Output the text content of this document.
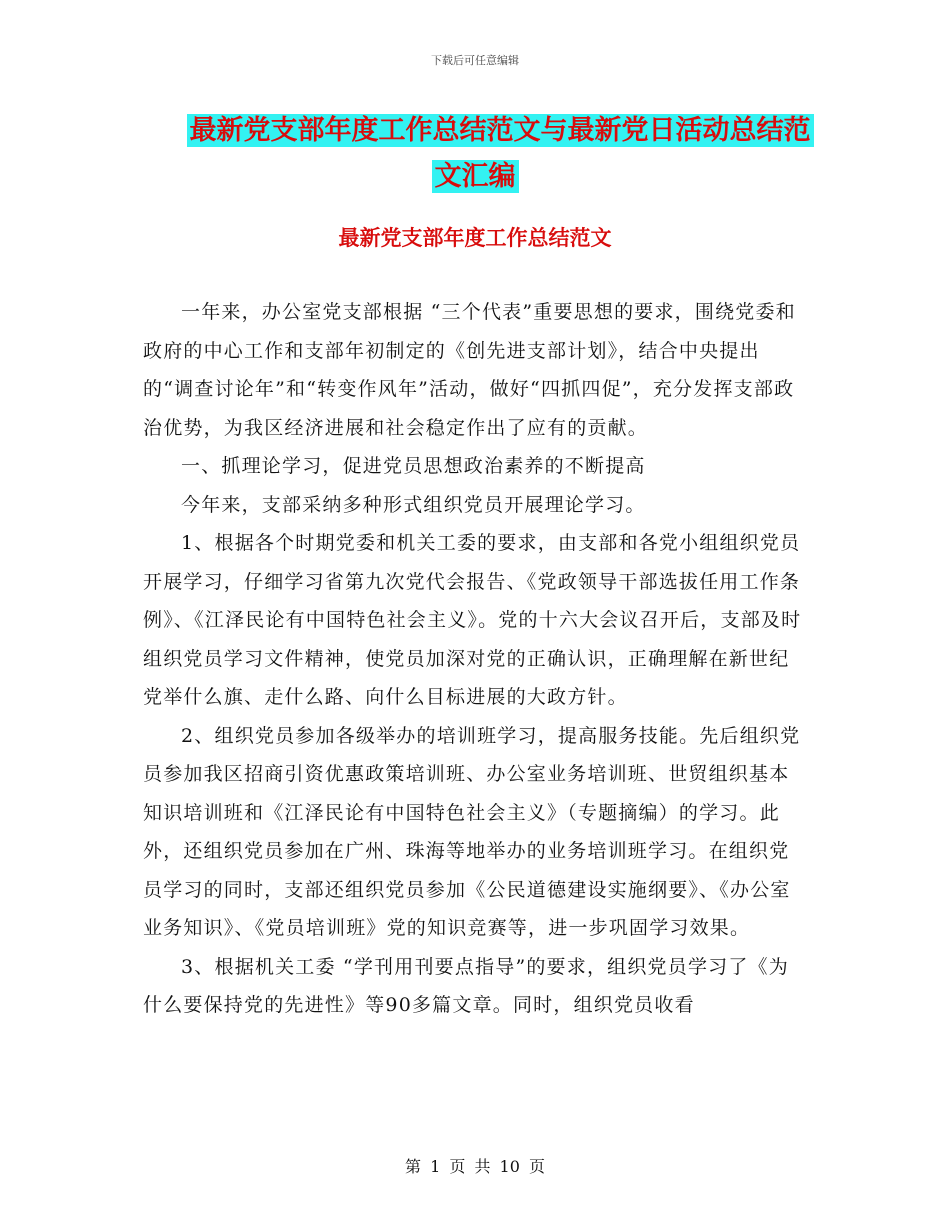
下载后可任意编辑
最新党支部年度工作总结范文与最新党日活动总结范
文汇编
最新党支部年度工作总结范文

一年来，办公室党支部根据 “三个代表”重要思想的要求，围绕党委和政府的中心工作和支部年初制定的《创先进支部计划》，结合中央提出的“调查讨论年”和“转变作风年”活动，做好“四抓四促”，充分发挥支部政治优势，为我区经济进展和社会稳定作出了应有的贡献。

一、抓理论学习，促进党员思想政治素养的不断提高

今年来，支部采纳多种形式组织党员开展理论学习。

1、根据各个时期党委和机关工委的要求，由支部和各党小组组织党员开展学习，仔细学习省第九次党代会报告、《党政领导干部选拔任用工作条例》、《江泽民论有中国特色社会主义》。党的十六大会议召开后，支部及时组织党员学习文件精神，使党员加深对党的正确认识，正确理解在新世纪党举什么旗、走什么路、向什么目标进展的大政方针。

2、组织党员参加各级举办的培训班学习，提高服务技能。先后组织党员参加我区招商引资优惠政策培训班、办公室业务培训班、世贸组织基本知识培训班和《江泽民论有中国特色社会主义》（专题摘编）的学习。此外，还组织党员参加在广州、珠海等地举办的业务培训班学习。在组织党员学习的同时，支部还组织党员参加《公民道德建设实施纲要》、《办公室业务知识》、《党员培训班》党的知识竞赛等，进一步巩固学习效果。

3、根据机关工委 “学刊用刊要点指导”的要求，组织党员学习了《为什么要保持党的先进性》等90多篇文章。同时，组织党员收看

第 1 页 共 10 页
